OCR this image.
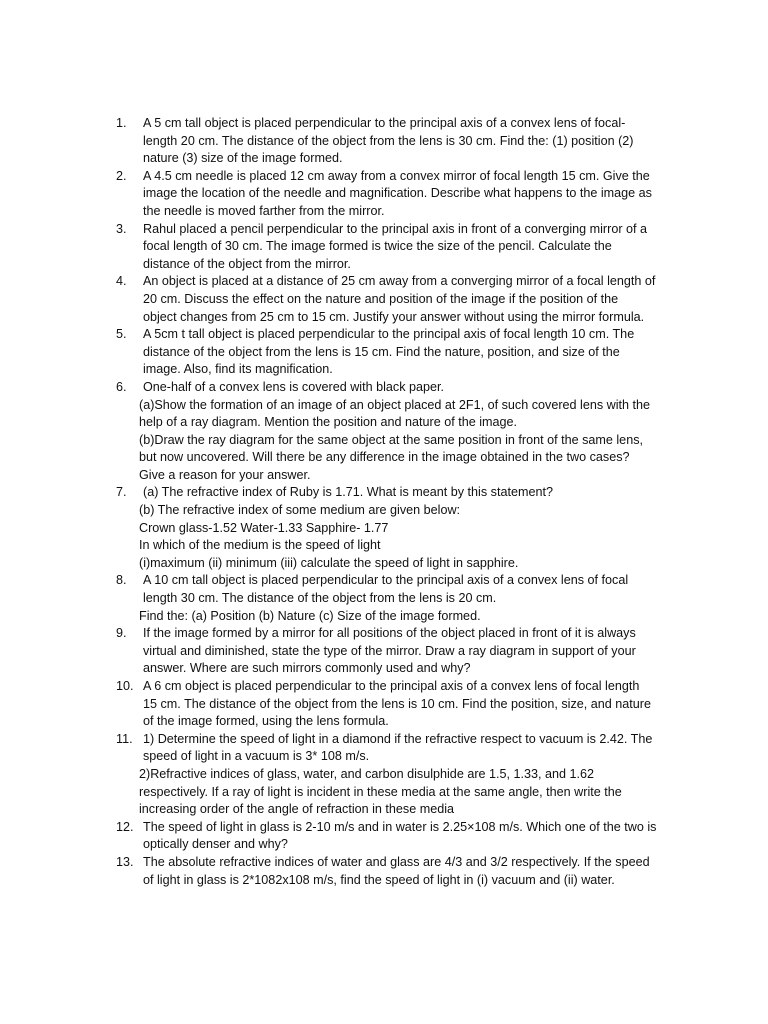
1.	A 5 cm tall object is placed perpendicular to the principal axis of a convex lens of focal-
length 20 cm. The distance of the object from the lens is 30 cm. Find the: (1) position (2)
nature (3) size of the image formed.
2.	A 4.5 cm needle is placed 12 cm away from a convex mirror of focal length 15 cm. Give the
image the location of the needle and magnification. Describe what happens to the image as
the needle is moved farther from the mirror.
3.	Rahul placed a pencil perpendicular to the principal axis in front of a converging mirror of a
focal length of 30 cm. The image formed is twice the size of the pencil. Calculate the
distance of the object from the mirror.
4.	An object is placed at a distance of 25 cm away from a converging mirror of a focal length of
20 cm. Discuss the effect on the nature and position of the image if the position of the
object changes from 25 cm to 15 cm. Justify your answer without using the mirror formula.
5.	A 5cm t tall object is placed perpendicular to the principal axis of focal length 10 cm. The
distance of the object from the lens is 15 cm. Find the nature, position, and size of the
image. Also, find its magnification.
6.	One-half of a convex lens is covered with black paper.
(a)Show the formation of an image of an object placed at 2F1, of such covered lens with the
help of a ray diagram. Mention the position and nature of the image.
(b)Draw the ray diagram for the same object at the same position in front of the same lens,
but now uncovered. Will there be any difference in the image obtained in the two cases?
Give a reason for your answer.
7.	(a) The refractive index of Ruby is 1.71. What is meant by this statement?
(b) The refractive index of some medium are given below:
Crown glass-1.52 Water-1.33 Sapphire- 1.77
In which of the medium is the speed of light
(i)maximum (ii) minimum (iii) calculate the speed of light in sapphire.
8.	A 10 cm tall object is placed perpendicular to the principal axis of a convex lens of focal
length 30 cm. The distance of the object from the lens is 20 cm.
Find the: (a) Position (b) Nature (c) Size of the image formed.
9.	If the image formed by a mirror for all positions of the object placed in front of it is always
virtual and diminished, state the type of the mirror. Draw a ray diagram in support of your
answer. Where are such mirrors commonly used and why?
10. A 6 cm object is placed perpendicular to the principal axis of a convex lens of focal length
15 cm. The distance of the object from the lens is 10 cm. Find the position, size, and nature
of the image formed, using the lens formula.
11. 1) Determine the speed of light in a diamond if the refractive respect to vacuum is 2.42. The
speed of light in a vacuum is 3* 108 m/s.
2)Refractive indices of glass, water, and carbon disulphide are 1.5, 1.33, and 1.62
respectively. If a ray of light is incident in these media at the same angle, then write the
increasing order of the angle of refraction in these media
12. The speed of light in glass is 2-10 m/s and in water is 2.25×108 m/s. Which one of the two is
optically denser and why?
13. The absolute refractive indices of water and glass are 4/3 and 3/2 respectively. If the speed
of light in glass is 2*1082x108 m/s, find the speed of light in (i) vacuum and (ii) water.
